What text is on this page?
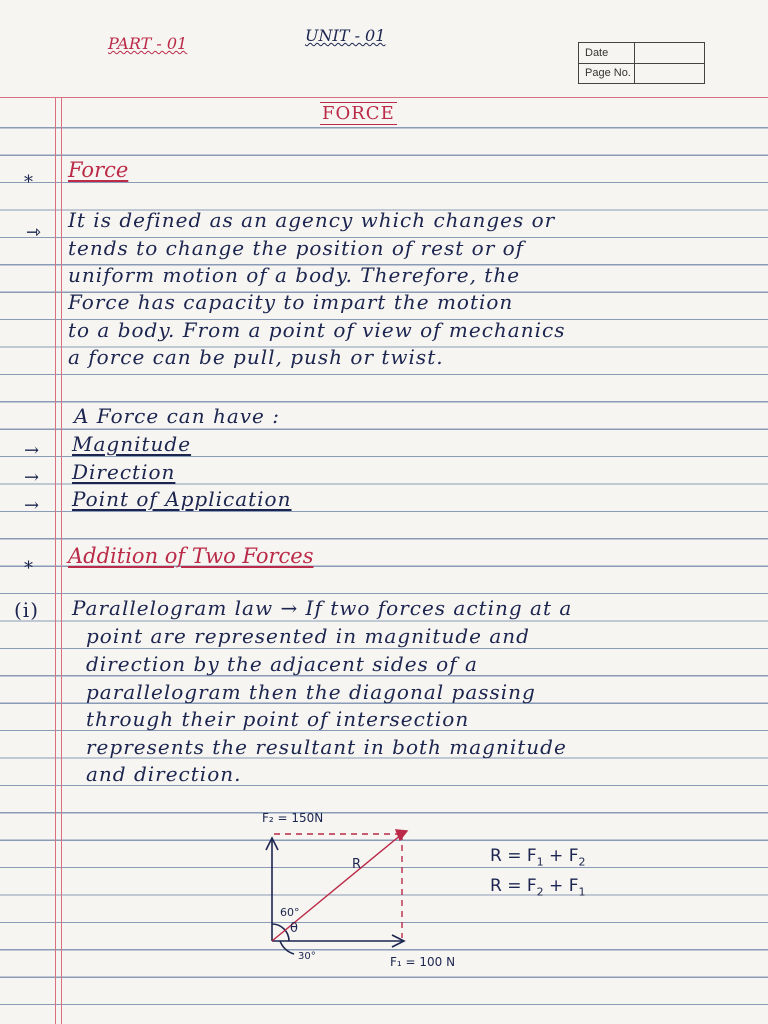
PART - 01	UNIT - 01
Date
Page No.
FORCE
*
Force
⇾
It is defined as an agency which changes or
tends to change the position of rest or of
uniform motion of a body. Therefore, the
Force has capacity to impart the motion
to a body. From a point of view of mechanics
a force can be pull, push or twist.
A Force can have :
→ Magnitude
→ Direction
→ Point of Application
*
Addition of Two Forces
(i) Parallelogram law → If two forces acting at a
point are represented in magnitude and
direction by the adjacent sides of a
parallelogram then the diagonal passing
through their point of intersection
represents the resultant in both magnitude
and direction.
F₂ = 150N
R
60°
θ
30°	F₁ = 100 N
$R = F_1 + F_2$
$R = F_2 + F_1$
